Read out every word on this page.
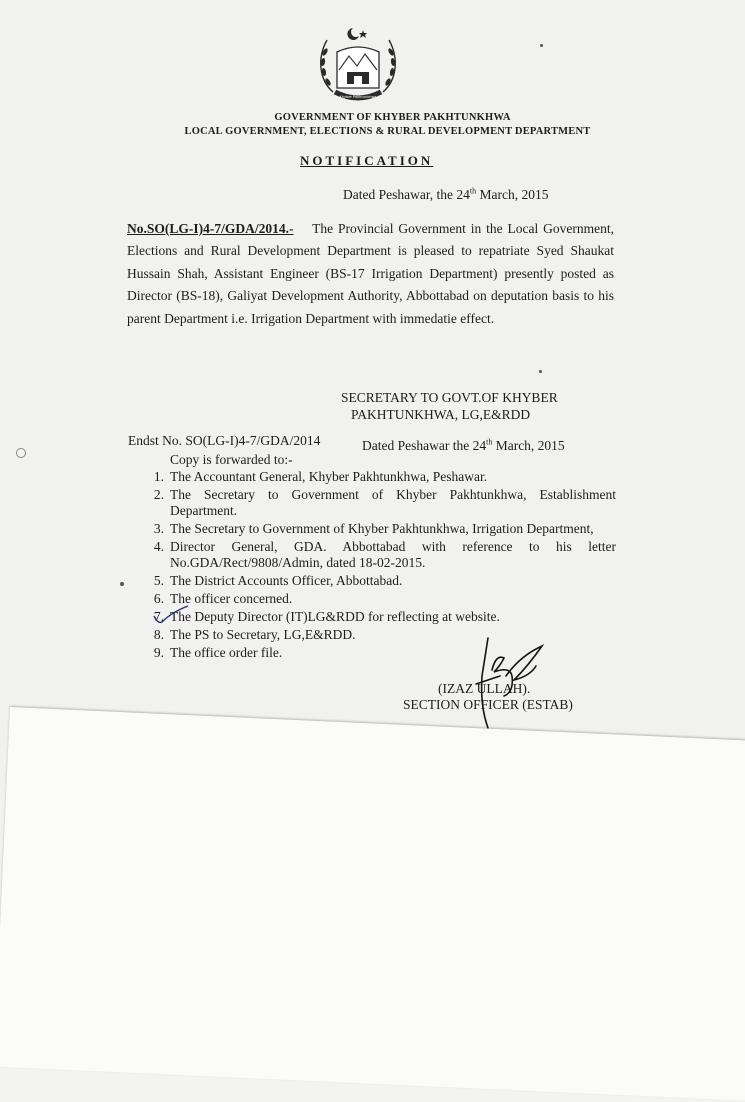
Khyber Pakhtunkhwa
GOVERNMENT OF KHYBER PAKHTUNKHWA
LOCAL GOVERNMENT, ELECTIONS & RURAL DEVELOPMENT DEPARTMENT
NOTIFICATION
Dated Peshawar, the 24th March, 2015
No.SO(LG-I)4-7/GDA/2014.- The Provincial Government in the Local Government, Elections and Rural Development Department is pleased to repatriate Syed Shaukat Hussain Shah, Assistant Engineer (BS-17 Irrigation Department) presently posted as Director (BS-18), Galiyat Development Authority, Abbottabad on deputation basis to his parent Department i.e. Irrigation Department with immedatie effect.
SECRETARY TO GOVT.OF KHYBER
PAKHTUNKHWA, LG,E&RDD
Endst No. SO(LG-I)4-7/GDA/2014	Dated Peshawar the 24th March, 2015
Copy is forwarded to:-
1. The Accountant General, Khyber Pakhtunkhwa, Peshawar.
2. The Secretary to Government of Khyber Pakhtunkhwa, Establishment Department.
3. The Secretary to Government of Khyber Pakhtunkhwa, Irrigation Department,
4. Director General, GDA. Abbottabad with reference to his letter No.GDA/Rect/9808/Admin, dated 18-02-2015.
5. The District Accounts Officer, Abbottabad.
6. The officer concerned.
7. The Deputy Director (IT)LG&RDD for reflecting at website.
8. The PS to Secretary, LG,E&RDD.
9. The office order file.
(IZAZ ULLAH).
SECTION OFFICER (ESTAB)
